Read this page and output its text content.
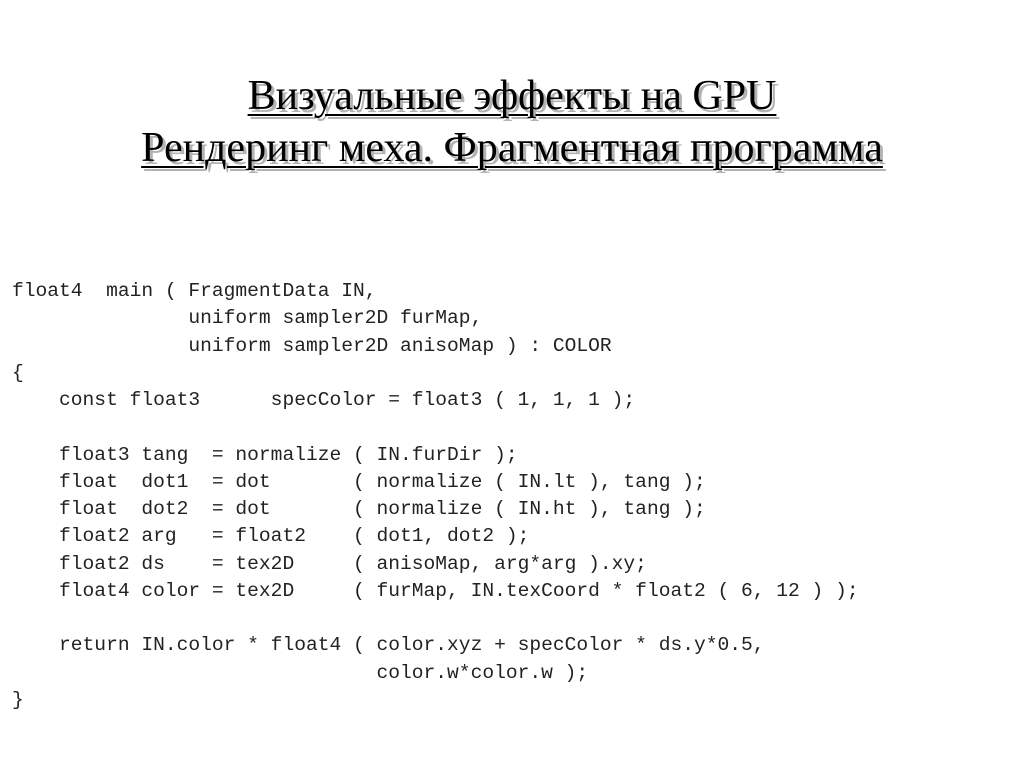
Визуальные эффекты на GPU
Рендеринг меха. Фрагментная программа
float4  main ( FragmentData IN,
uniform sampler2D furMap,
uniform sampler2D anisoMap ) : COLOR
{
const float3      specColor = float3 ( 1, 1, 1 );
float3 tang  = normalize ( IN.furDir );
float  dot1  = dot       ( normalize ( IN.lt ), tang );
float  dot2  = dot       ( normalize ( IN.ht ), tang );
float2 arg   = float2    ( dot1, dot2 );
float2 ds    = tex2D     ( anisoMap, arg*arg ).xy;
float4 color = tex2D     ( furMap, IN.texCoord * float2 ( 6, 12 ) );
return IN.color * float4 ( color.xyz + specColor * ds.y*0.5,
color.w*color.w );
}
